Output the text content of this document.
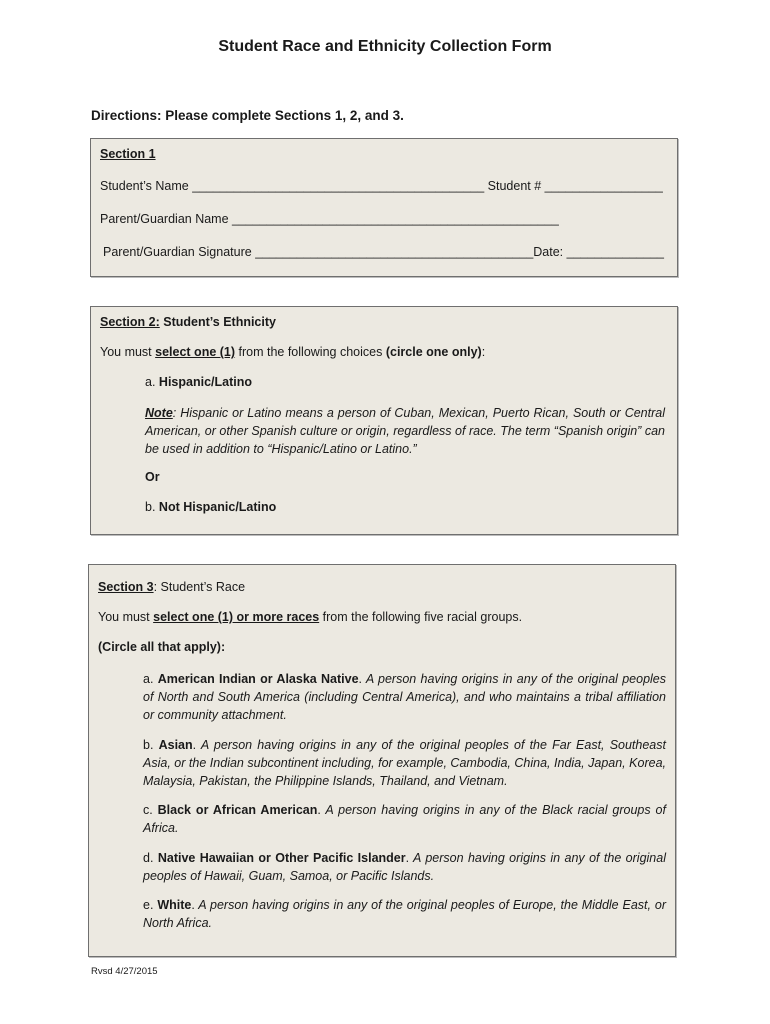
Student Race and Ethnicity Collection Form
Directions: Please complete Sections 1, 2, and 3.
Section 1
Student’s Name __________________________________________ Student # _________________
Parent/Guardian Name _______________________________________________
Parent/Guardian Signature ________________________________________Date: ______________
Section 2: Student’s Ethnicity
You must select one (1) from the following choices (circle one only):
a. Hispanic/Latino
Note: Hispanic or Latino means a person of Cuban, Mexican, Puerto Rican, South or Central American, or other Spanish culture or origin, regardless of race. The term “Spanish origin” can be used in addition to “Hispanic/Latino or Latino.”
Or
b. Not Hispanic/Latino
Section 3: Student’s Race
You must select one (1) or more races from the following five racial groups.
(Circle all that apply):
a. American Indian or Alaska Native. A person having origins in any of the original peoples of North and South America (including Central America), and who maintains a tribal affiliation or community attachment.
b. Asian. A person having origins in any of the original peoples of the Far East, Southeast Asia, or the Indian subcontinent including, for example, Cambodia, China, India, Japan, Korea, Malaysia, Pakistan, the Philippine Islands, Thailand, and Vietnam.
c. Black or African American. A person having origins in any of the Black racial groups of Africa.
d. Native Hawaiian or Other Pacific Islander. A person having origins in any of the original peoples of Hawaii, Guam, Samoa, or Pacific Islands.
e. White. A person having origins in any of the original peoples of Europe, the Middle East, or North Africa.
Rvsd 4/27/2015
